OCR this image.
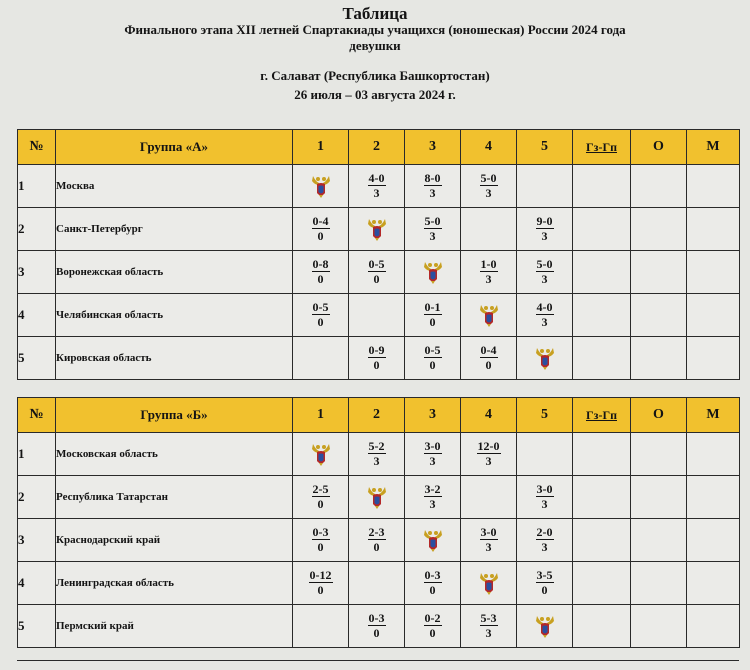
Таблица
Финального этапа XII летней Спартакиады учащихся (юношеская) России 2024 года
девушки
г. Салават (Республика Башкортостан)
26 июля – 03 августа 2024 г.
№	Группа «А»	1	2	3	4	5	Гз-Гп	О	М
1	Москва		$\frac{4-0}{3}$	$\frac{8-0}{3}$	$\frac{5-0}{3}$

2	Санкт-Петербург	$\frac{0-4}{0}$		$\frac{5-0}{3}$		$\frac{9-0}{3}$

3	Воронежская область	$\frac{0-8}{0}$	$\frac{0-5}{0}$		$\frac{1-0}{3}$	$\frac{5-0}{3}$

4	Челябинская область	$\frac{0-5}{0}$		$\frac{0-1}{0}$		$\frac{4-0}{3}$

5	Кировская область		$\frac{0-9}{0}$	$\frac{0-5}{0}$	$\frac{0-4}{0}$

№	Группа «Б»	1	2	3	4	5	Гз-Гп	О	М
1	Московская область		$\frac{5-2}{3}$	$\frac{3-0}{3}$	$\frac{12-0}{3}$

2	Республика Татарстан	$\frac{2-5}{0}$		$\frac{3-2}{3}$		$\frac{3-0}{3}$

3	Краснодарский край	$\frac{0-3}{0}$	$\frac{2-3}{0}$		$\frac{3-0}{3}$	$\frac{2-0}{3}$

4	Ленинградская область	$\frac{0-12}{0}$		$\frac{0-3}{0}$		$\frac{3-5}{0}$

5	Пермский край		$\frac{0-3}{0}$	$\frac{0-2}{0}$	$\frac{5-3}{3}$
